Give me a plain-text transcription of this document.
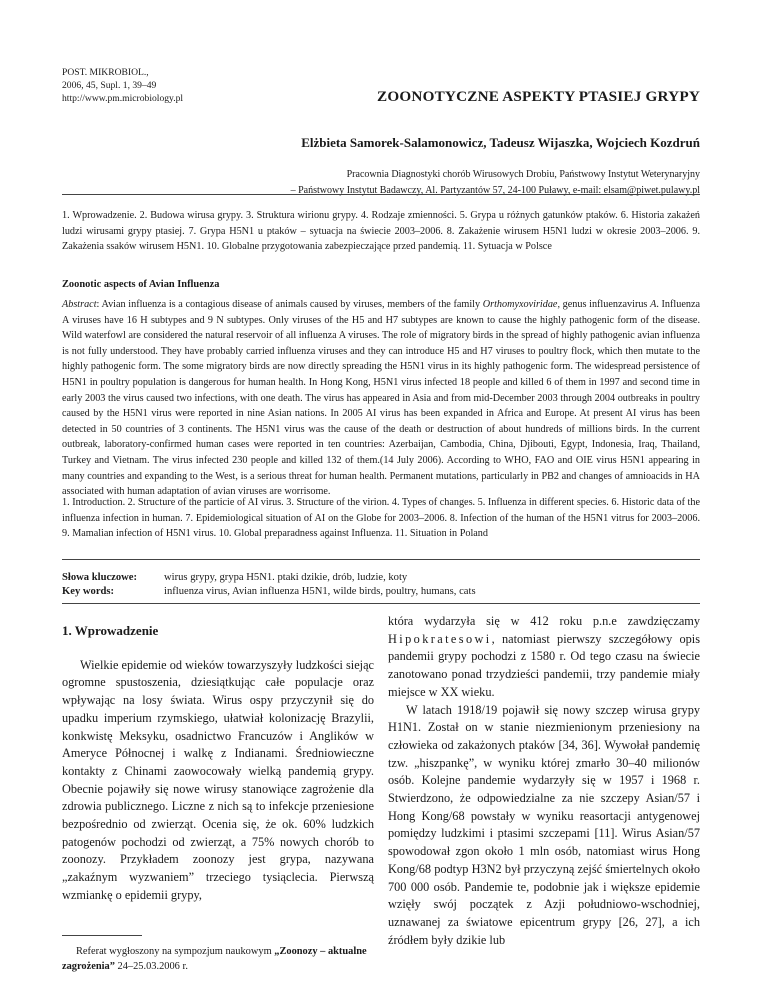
POST. MIKROBIOL.,
2006, 45, Supl. 1, 39–49
http://www.pm.microbiology.pl	ZOONOTYCZNE ASPEKTY PTASIEJ GRYPY
Elżbieta Samorek-Salamonowicz, Tadeusz Wijaszka, Wojciech Kozdruń
Pracownia Diagnostyki chorób Wirusowych Drobiu, Państwowy Instytut Weterynaryjny
– Państwowy Instytut Badawczy, Al. Partyzantów 57, 24-100 Puławy, e-mail: elsam@piwet.pulawy.pl
1. Wprowadzenie. 2. Budowa wirusa grypy. 3. Struktura wirionu grypy. 4. Rodzaje zmienności. 5. Grypa u różnych gatunków ptaków. 6. Historia zakażeń ludzi wirusami grypy ptasiej. 7. Grypa H5N1 u ptaków – sytuacja na świecie 2003–2006. 8. Zakażenie wirusem H5N1 ludzi w okresie 2003–2006. 9. Zakażenia ssaków wirusem H5N1. 10. Globalne przygotowania zabezpieczające przed pandemią. 11. Sytuacja w Polsce
Zoonotic aspects of Avian Influenza
Abstract: Avian influenza is a contagious disease of animals caused by viruses, members of the family Orthomyxoviridae, genus influenzavirus A. Influenza A viruses have 16 H subtypes and 9 N subtypes. Only viruses of the H5 and H7 subtypes are known to cause the highly pathogenic form of the disease. Wild waterfowl are considered the natural reservoir of all influenza A viruses. The role of migratory birds in the spread of highly pathogenic avian influenza is not fully understood. They have probably carried influenza viruses and they can introduce H5 and H7 viruses to poultry flock, which then mutate to the highly pathogenic form. The some migratory birds are now directly spreading the H5N1 virus in its highly pathogenic form. The widespread persistence of H5N1 in poultry population is dangerous for human health. In Hong Kong, H5N1 virus infected 18 people and killed 6 of them in 1997 and second time in early 2003 the virus caused two infections, with one death. The virus has appeared in Asia and from mid-December 2003 through 2004 outbreaks in poultry caused by the H5N1 virus were reported in nine Asian nations. In 2005 AI virus has been expanded in Africa and Europe. At present AI virus has been detected in 50 countries of 3 continents. The H5N1 virus was the cause of the death or destruction of about hundreds of millions birds. In the current outbreak, laboratory-confirmed human cases were reported in ten countries: Azerbaijan, Cambodia, China, Djibouti, Egypt, Indonesia, Iraq, Thailand, Turkey and Vietnam. The virus infected 230 people and killed 132 of them.(14 July 2006). According to WHO, FAO and OIE virus H5N1 appearing in many countries and expanding to the West, is a serious threat for human health. Permanent mutations, particularly in PB2 and changes of amnioacids in HA associated with human adaptation of avian viruses are worrisome.
1. Introduction. 2. Structure of the particie of AI virus. 3. Structure of the virion. 4. Types of changes. 5. Influenza in different species. 6. Historic data of the influenza infection in human. 7. Epidemiological situation of AI on the Globe for 2003–2006. 8. Infection of the human of the H5N1 vitrus for 2003–2006. 9. Mamalian infection of H5N1 virus. 10. Global preparadness against Influenza. 11. Situation in Poland
Słowa kluczowe:	wirus grypy, grypa H5N1. ptaki dzikie, drób, ludzie, koty
Key words:	influenza virus, Avian influenza H5N1, wilde birds, poultry, humans, cats
1. Wprowadzenie

Wielkie epidemie od wieków towarzyszyły ludzkości siejąc ogromne spustoszenia, dziesiątkując całe populacje oraz wpływając na losy świata. Wirus ospy przyczynił się do upadku imperium rzymskiego, ułatwiał kolonizację Brazylii, konkwistę Meksyku, osadnictwo Francuzów i Anglików w Ameryce Północnej i walkę z Indianami. Średniowieczne kontakty z Chinami zaowocowały wielką pandemią grypy. Obecnie pojawiły się nowe wirusy stanowiące zagrożenie dla zdrowia publicznego. Liczne z nich są to infekcje przeniesione bezpośrednio od zwierząt. Ocenia się, że ok. 60% ludzkich patogenów pochodzi od zwierząt, a 75% nowych chorób to zoonozy. Przykładem zoonozy jest grypa, nazywana „zakaźnym wyzwaniem” trzeciego tysiąclecia. Pierwszą wzmiankę o epidemii grypy,

Referat wygłoszony na sympozjum naukowym „Zoonozy – aktualne zagrożenia” 24–25.03.2006 r.

która wydarzyła się w 412 roku p.n.e zawdzięczamy Hipokratesowi, natomiast pierwszy szczegółowy opis pandemii grypy pochodzi z 1580 r. Od tego czasu na świecie zanotowano ponad trzydzieści pandemii, trzy pandemie miały miejsce w XX wieku.

W latach 1918/19 pojawił się nowy szczep wirusa grypy H1N1. Został on w stanie niezmienionym przeniesiony na człowieka od zakażonych ptaków [34, 36]. Wywołał pandemię tzw. „hiszpankę”, w wyniku której zmarło 30–40 milionów osób. Kolejne pandemie wydarzyły się w 1957 i 1968 r. Stwierdzono, że odpowiedzialne za nie szczepy Asian/57 i Hong Kong/68 powstały w wyniku reasortacji antygenowej pomiędzy ludzkimi i ptasimi szczepami [11]. Wirus Asian/57 spowodował zgon około 1 mln osób, natomiast wirus Hong Kong/68 podtyp H3N2 był przyczyną zejść śmiertelnych około 700 000 osób. Pandemie te, podobnie jak i większe epidemie wzięły swój początek z Azji południowo-wschodniej, uznawanej za światowe epicentrum grypy [26, 27], a ich źródłem były dzikie lub
